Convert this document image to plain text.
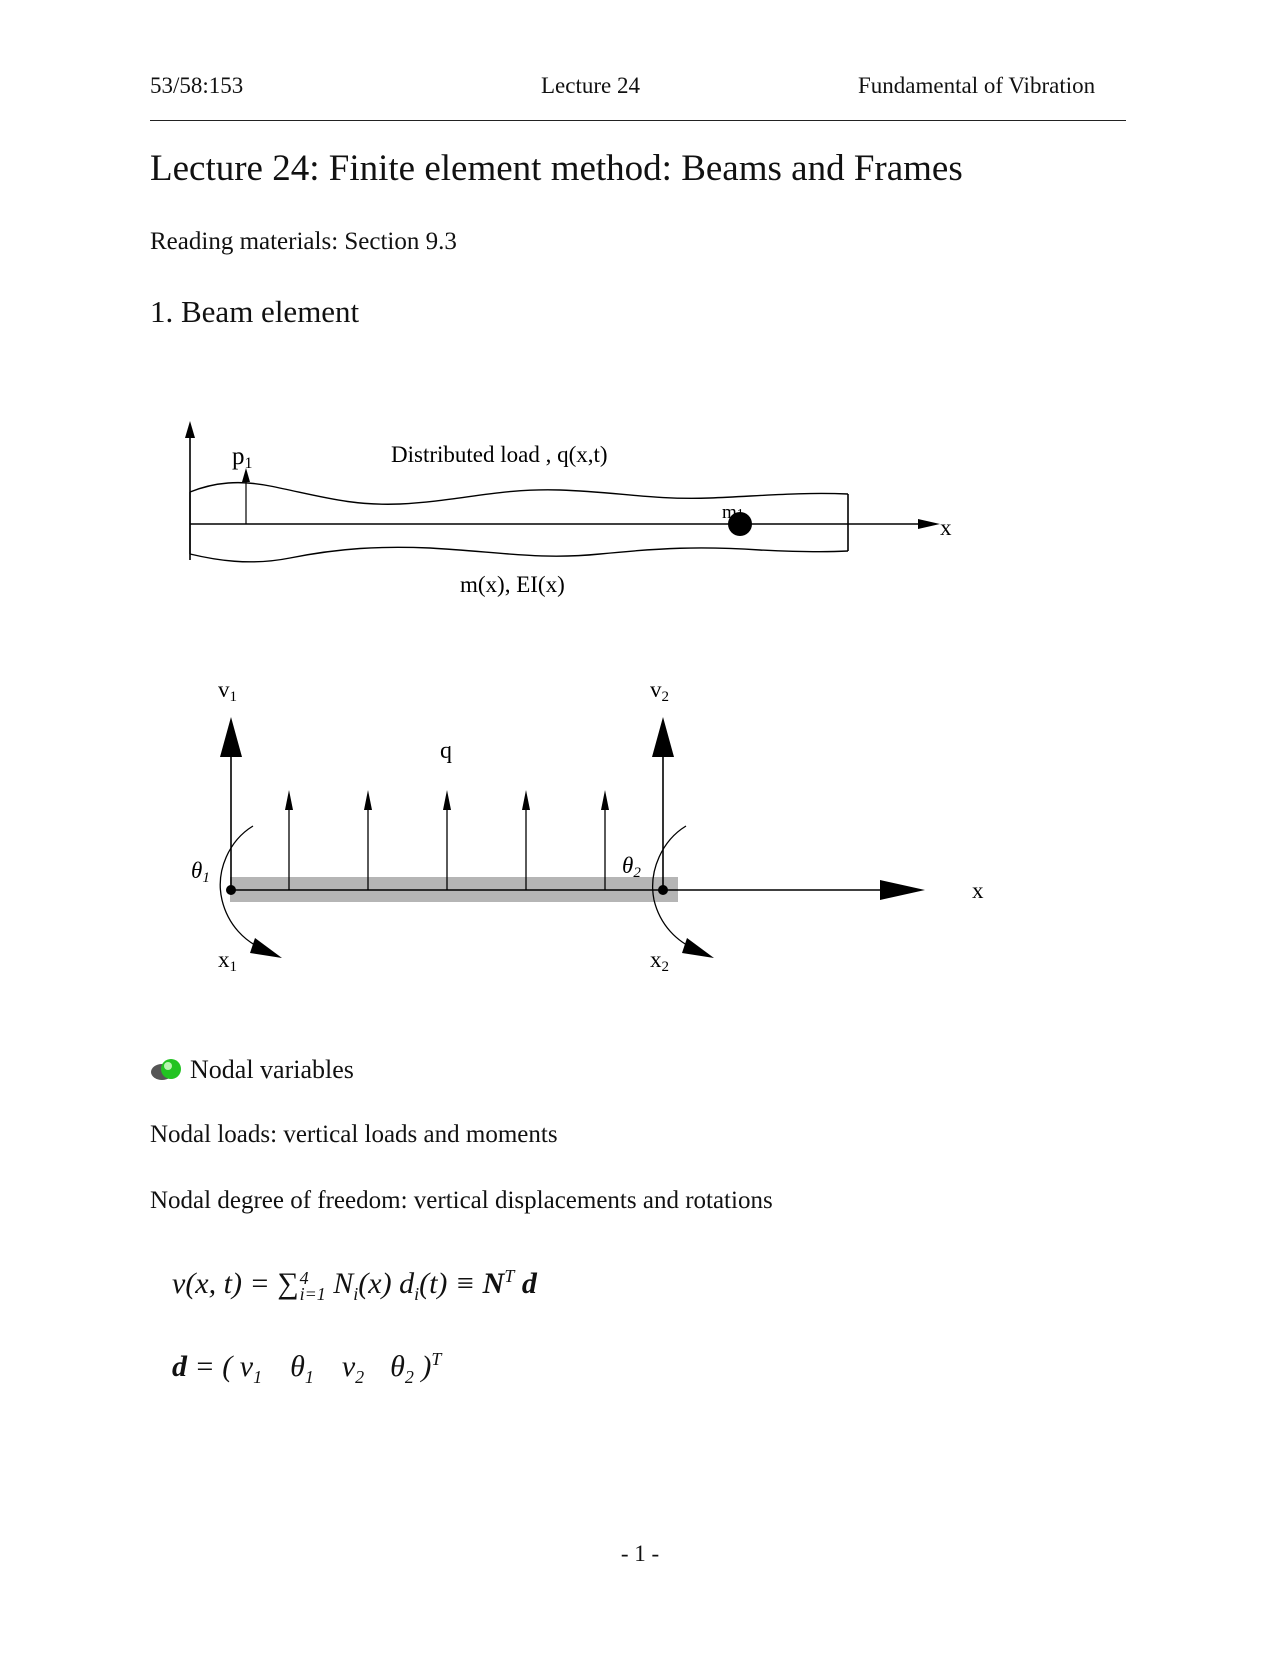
53/58:153	Lecture 24	Fundamental of Vibration
Lecture 24: Finite element method: Beams and Frames
Reading materials: Section 9.3
1. Beam element
p1	Distributed load , q(x,t)
m1
x
m(x), EI(x)
x
v1	v2
q
θ1	θ2
x1	x2
Nodal variables
Nodal loads: vertical loads and moments
Nodal degree of freedom: vertical displacements and rotations
v(x, t) = ∑ 4
i=1 $N_i(x) d_i(t) \equiv N^T$ d
d = ( $v_1$ $\theta_1$ $v_2$ $\theta_2$ )$^T$
- 1 -
